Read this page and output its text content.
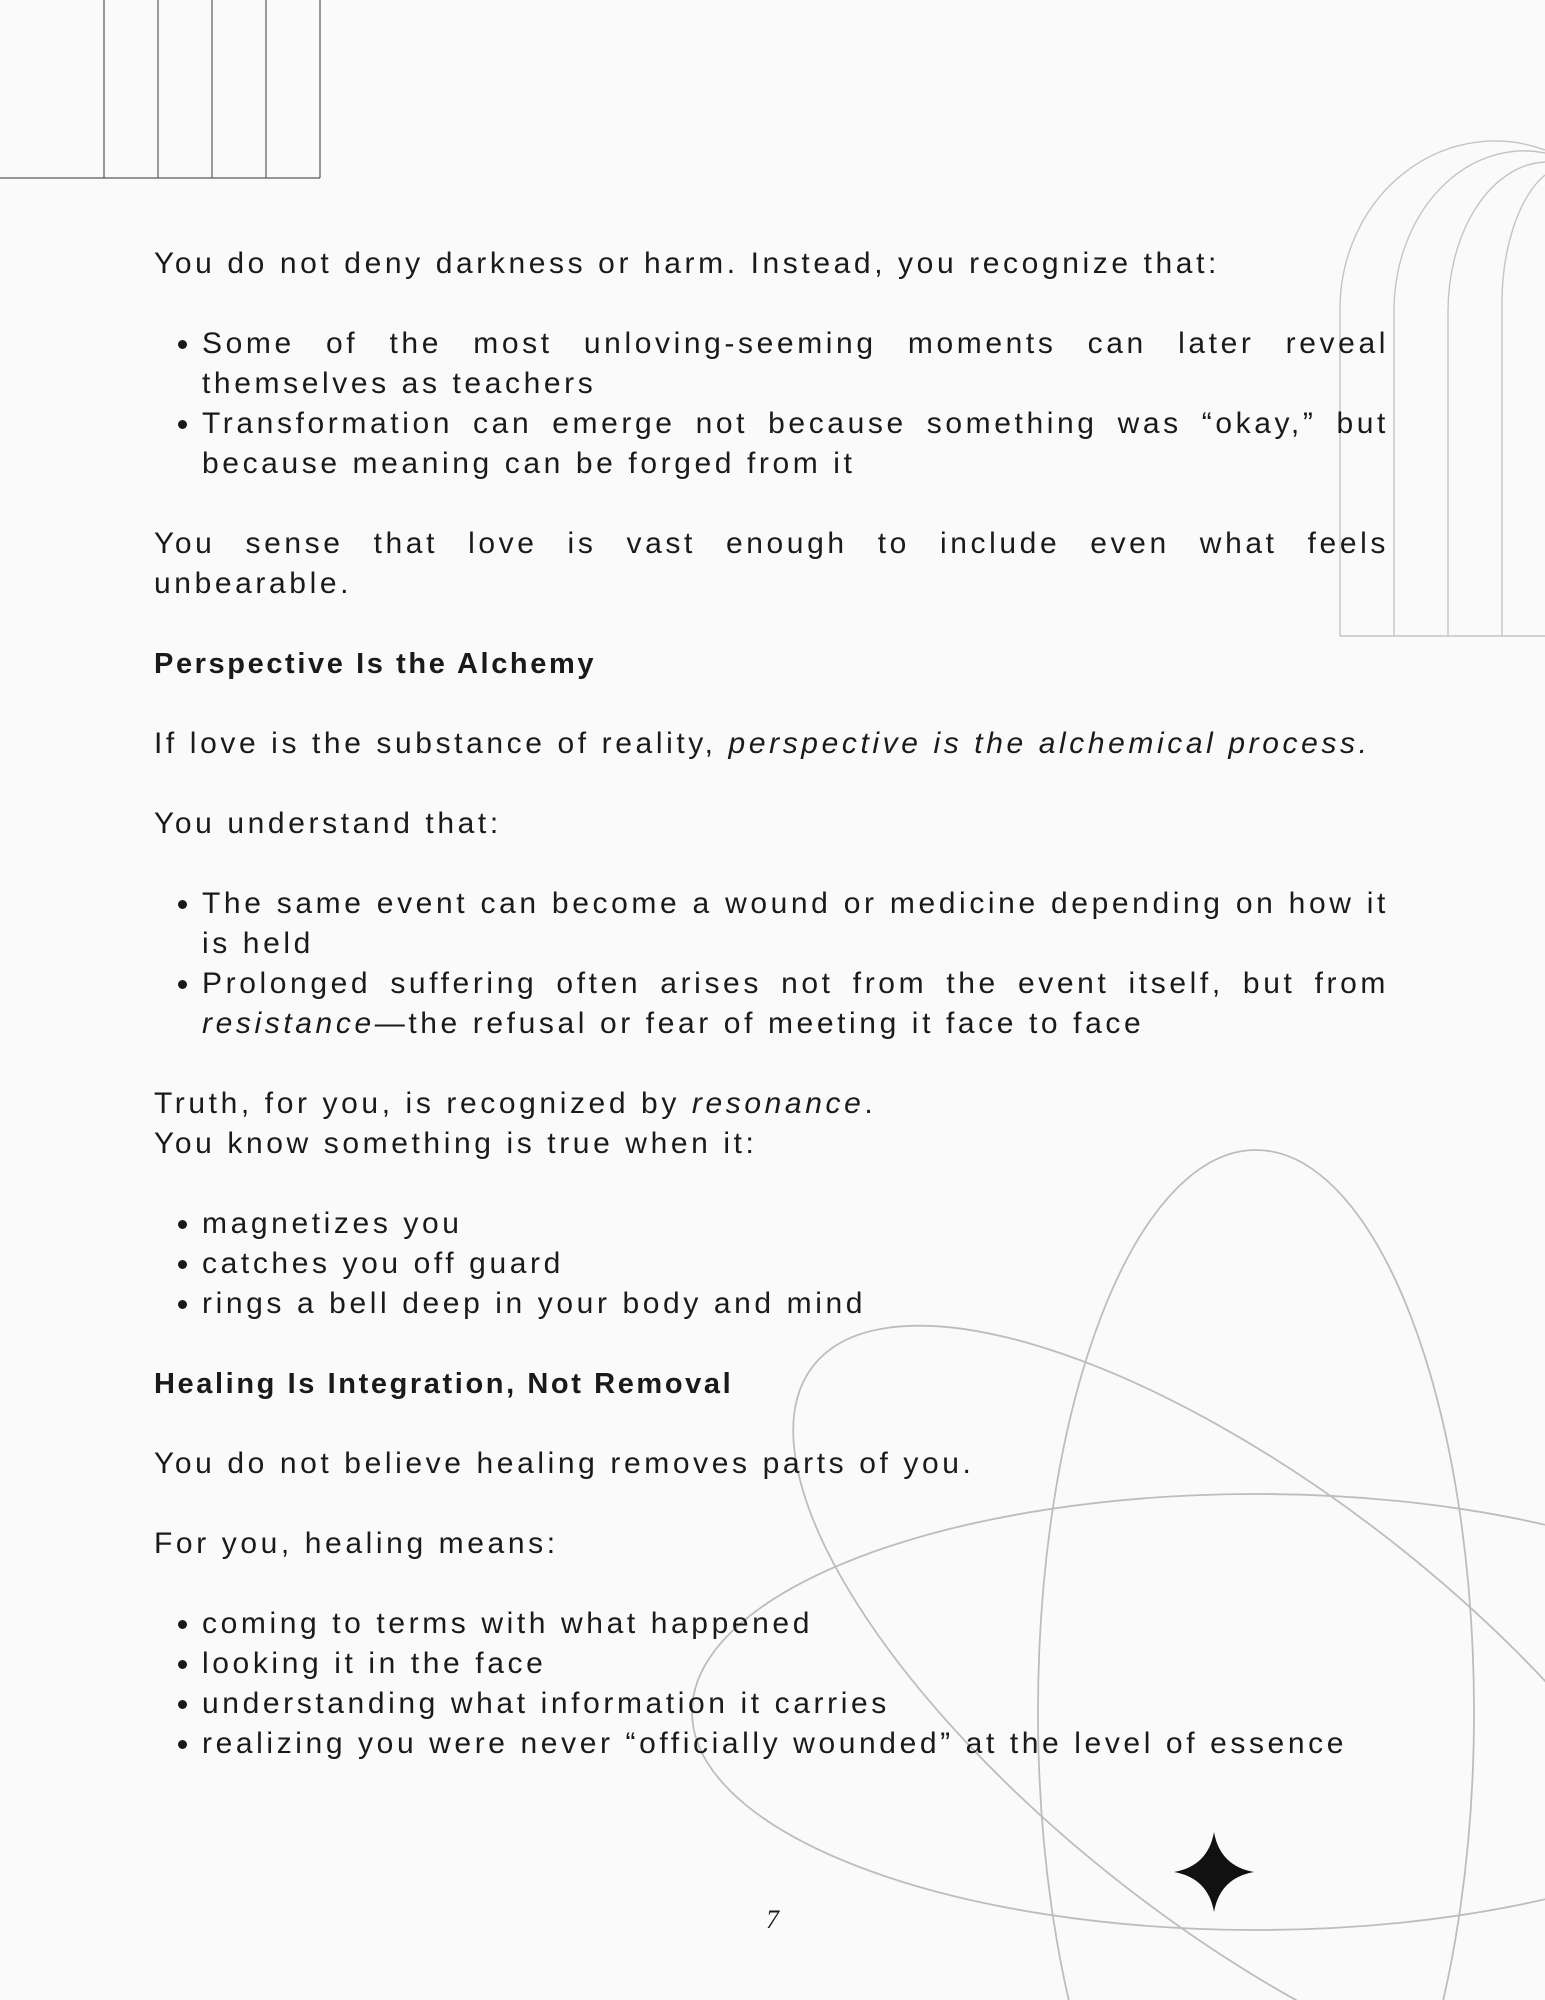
You do not deny darkness or harm. Instead, you recognize that:

• Some of the most unloving-seeming moments can later reveal themselves as teachers
• Transformation can emerge not because something was “okay,” but because meaning can be forged from it

You sense that love is vast enough to include even what feels unbearable.

Perspective Is the Alchemy

If love is the substance of reality, perspective is the alchemical process.

You understand that:

• The same event can become a wound or medicine depending on how it is held
• Prolonged suffering often arises not from the event itself, but from resistance—the refusal or fear of meeting it face to face

Truth, for you, is recognized by resonance.

You know something is true when it:

• magnetizes you
• catches you off guard
• rings a bell deep in your body and mind
Healing Is Integration, Not Removal

You do not believe healing removes parts of you.

For you, healing means:

• coming to terms with what happened
• looking it in the face
• understanding what information it carries
• realizing you were never “officially wounded” at the level of essence
7
